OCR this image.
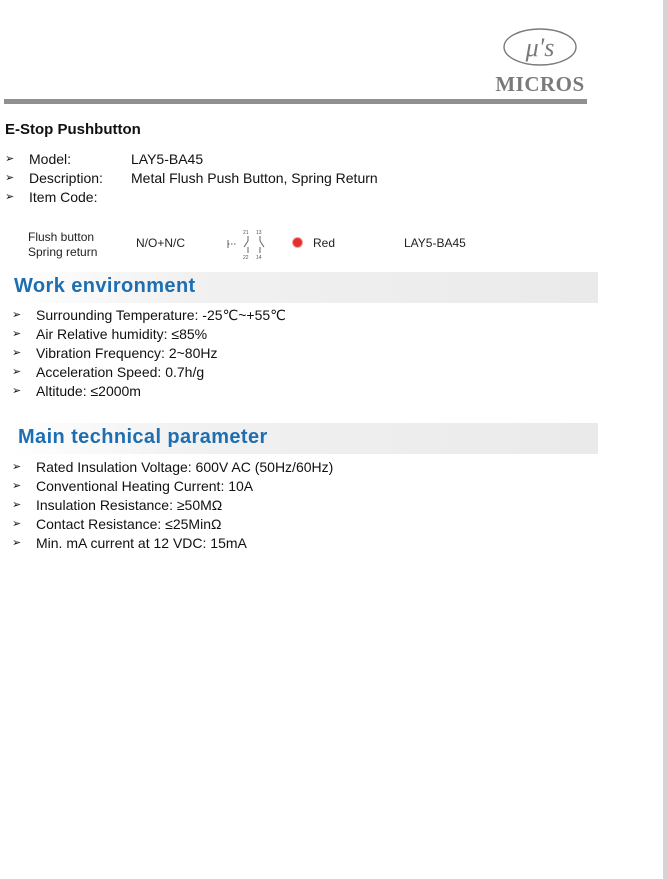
μ's
MICROS
E-Stop Pushbutton
➢ Model:	LAY5-BA45
➢ Description: Metal Flush Push Button, Spring Return
➢ Item Code:
Flush button
Spring return
N/O+N/C
21 13
22 14
Red	LAY5-BA45
Work environment
➢ Surrounding Temperature: -25℃~+55℃
➢ Air Relative humidity: ≤85%
➢ Vibration Frequency: 2~80Hz
➢ Acceleration Speed: 0.7h/g
➢ Altitude: ≤2000m
Main technical parameter
➢ Rated Insulation Voltage: 600V AC (50Hz/60Hz)
➢ Conventional Heating Current: 10A
➢ Insulation Resistance: ≥50MΩ
➢ Contact Resistance: ≤25MinΩ
➢ Min. mA current at 12 VDC: 15mA
